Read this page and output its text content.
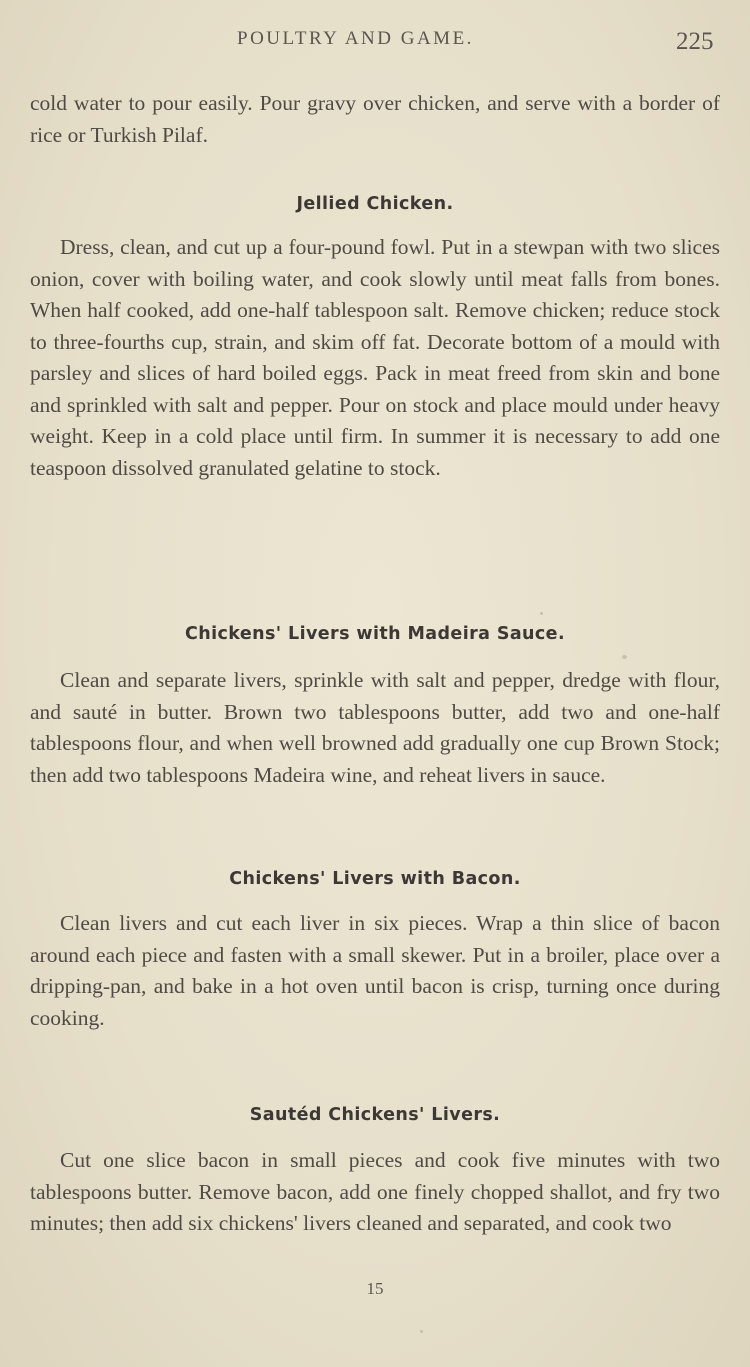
POULTRY AND GAME.	225

cold water to pour easily. Pour gravy over chicken, and serve with a border of rice or Turkish Pilaf.

Jellied Chicken.

Dress, clean, and cut up a four-pound fowl. Put in a stewpan with two slices onion, cover with boiling water, and cook slowly until meat falls from bones. When half cooked, add one-half tablespoon salt. Remove chicken; reduce stock to three-fourths cup, strain, and skim off fat. Decorate bottom of a mould with parsley and slices of hard boiled eggs. Pack in meat freed from skin and bone and sprinkled with salt and pepper. Pour on stock and place mould under heavy weight. Keep in a cold place until firm. In summer it is necessary to add one teaspoon dissolved granulated gelatine to stock.

Chickens' Livers with Madeira Sauce.

Clean and separate livers, sprinkle with salt and pepper, dredge with flour, and sauté in butter. Brown two tablespoons butter, add two and one-half tablespoons flour, and when well browned add gradually one cup Brown Stock; then add two tablespoons Madeira wine, and reheat livers in sauce.

Chickens' Livers with Bacon.

Clean livers and cut each liver in six pieces. Wrap a thin slice of bacon around each piece and fasten with a small skewer. Put in a broiler, place over a dripping-pan, and bake in a hot oven until bacon is crisp, turning once during cooking.

Sautéd Chickens' Livers.

Cut one slice bacon in small pieces and cook five minutes with two tablespoons butter. Remove bacon, add one finely chopped shallot, and fry two minutes; then add six chickens' livers cleaned and separated, and cook two

15
